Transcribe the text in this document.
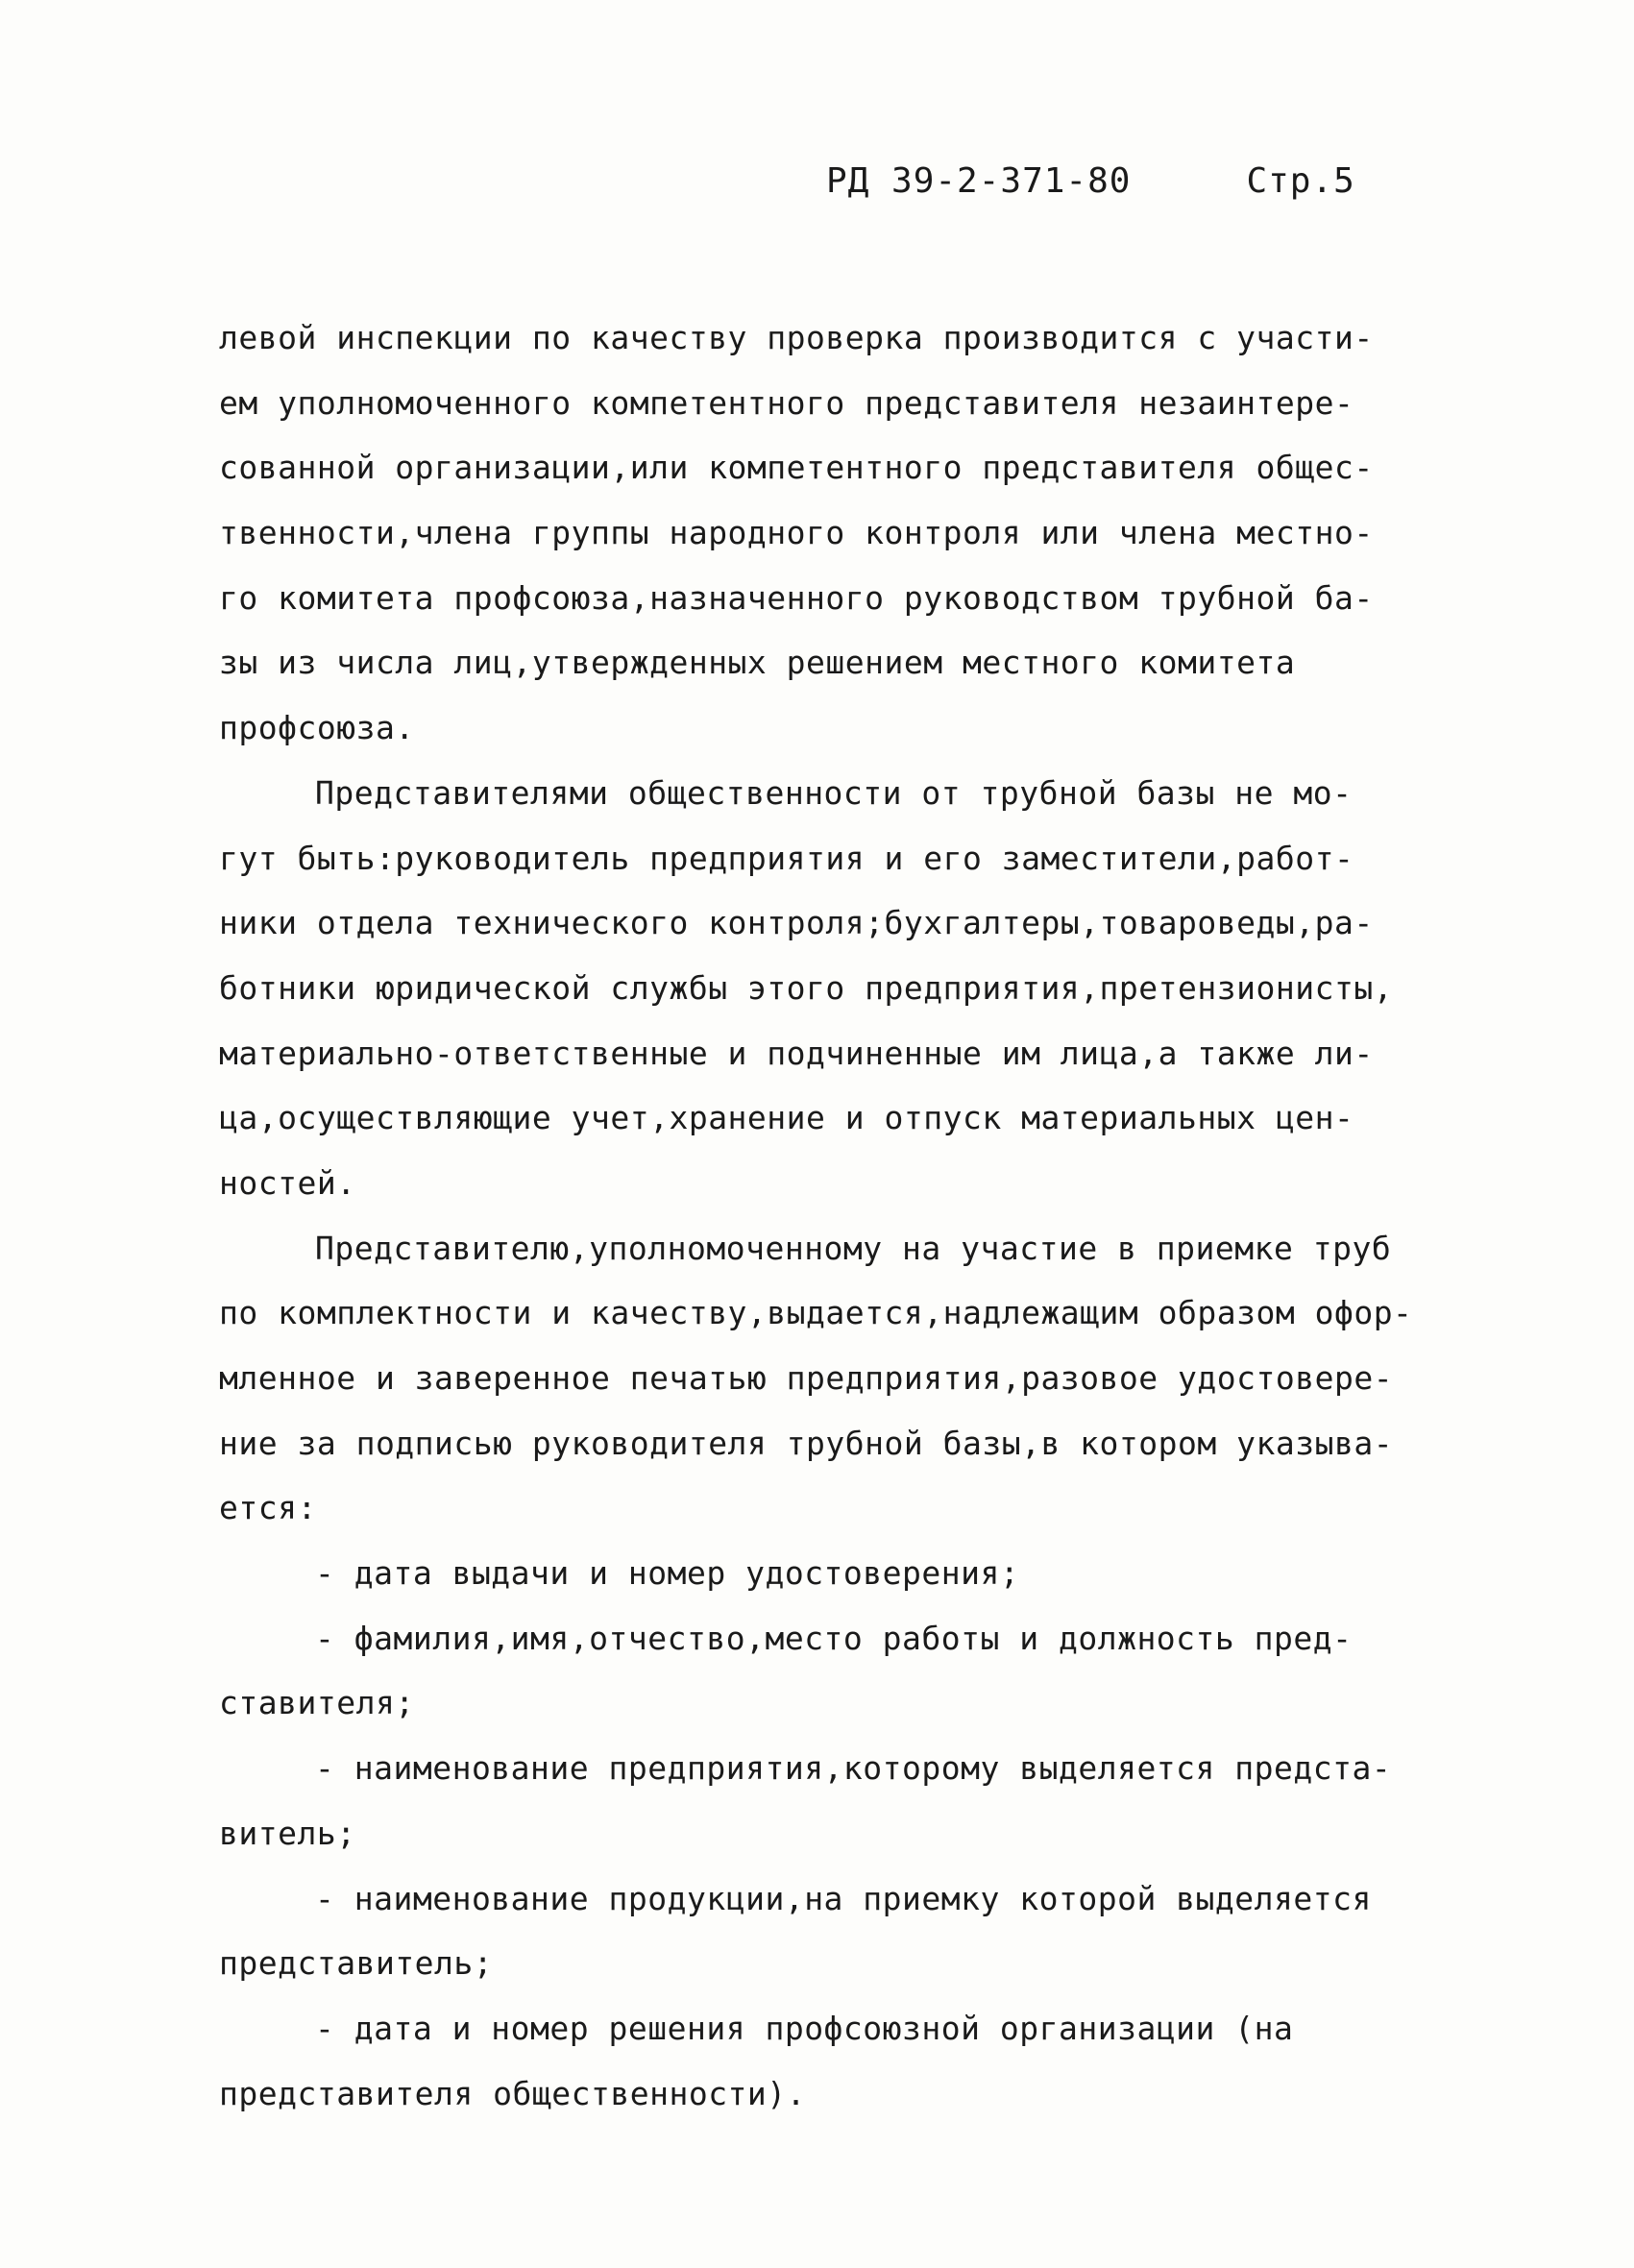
РД 39-2-371-80	Стр.5
левой инспекции по качеству проверка производится с участи-
ем уполномоченного компетентного представителя незаинтере-
сованной организации,или компетентного представителя общес-
твенности,члена группы народного контроля или члена местно-
го комитета профсоюза,назначенного руководством трубной ба-
зы из числа лиц,утвержденных решением местного комитета
профсоюза.
Представителями общественности от трубной базы не мо-
гут быть:руководитель предприятия и его заместители,работ-
ники отдела технического контроля;бухгалтеры,товароведы,ра-
ботники юридической службы этого предприятия,претензионисты,
материально-ответственные и подчиненные им лица,а также ли-
ца,осуществляющие учет,хранение и отпуск материальных цен-
ностей.
Представителю,уполномоченному на участие в приемке труб
по комплектности и качеству,выдается,надлежащим образом офор-
мленное и заверенное печатью предприятия,разовое удостовере-
ние за подписью руководителя трубной базы,в котором указыва-
ется:
- дата выдачи и номер удостоверения;
- фамилия,имя,отчество,место работы и должность пред-
ставителя;
- наименование предприятия,которому выделяется предста-
витель;
- наименование продукции,на приемку которой выделяется
представитель;
- дата и номер решения профсоюзной организации (на
представителя общественности).
